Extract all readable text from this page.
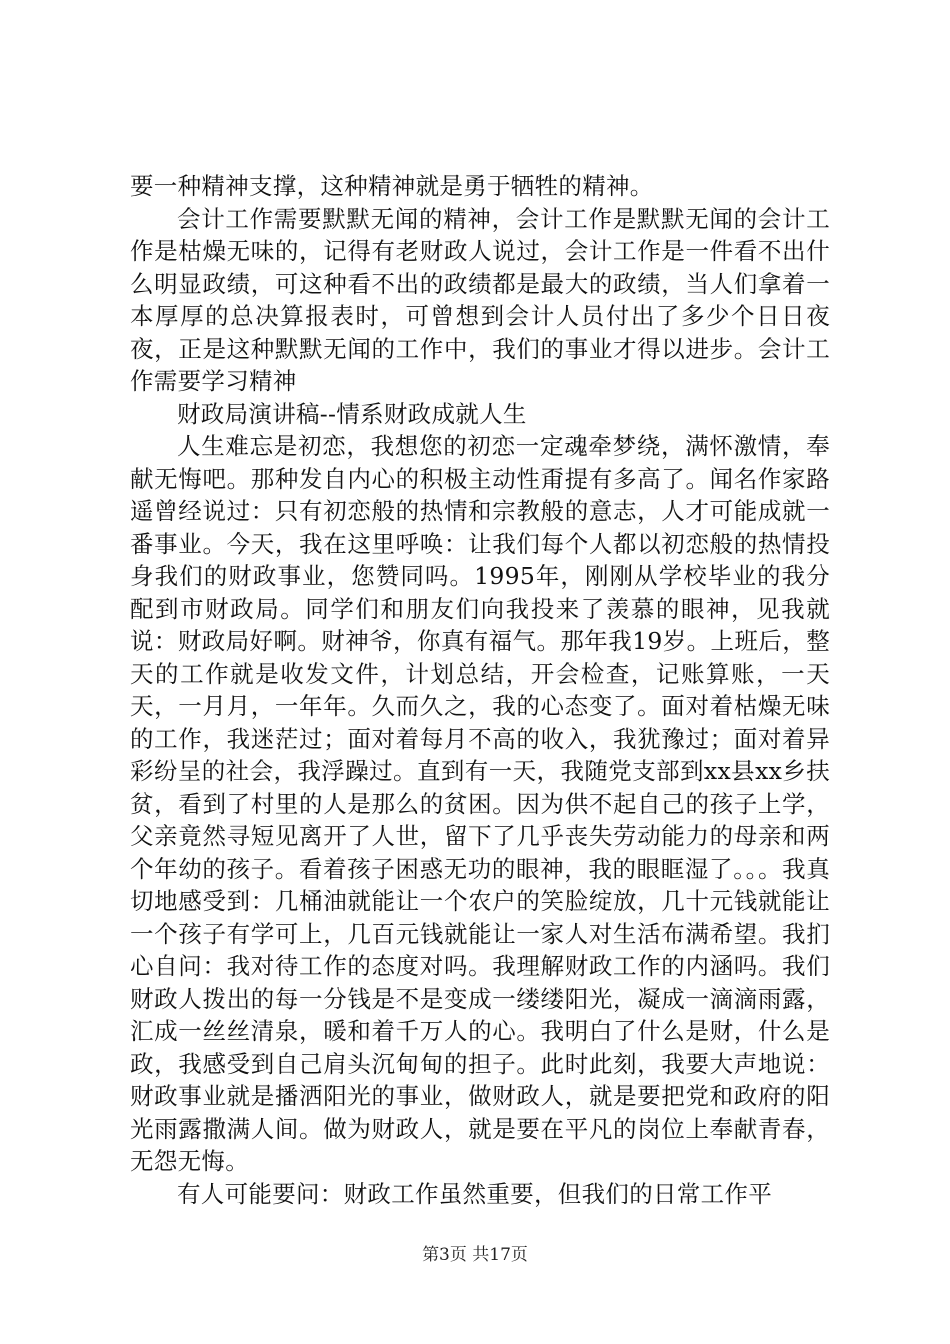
要一种精神支撑，这种精神就是勇于牺牲的精神。

会计工作需要默默无闻的精神，会计工作是默默无闻的会计工作是枯燥无味的，记得有老财政人说过，会计工作是一件看不出什么明显政绩，可这种看不出的政绩都是最大的政绩，当人们拿着一本厚厚的总决算报表时，可曾想到会计人员付出了多少个日日夜夜，正是这种默默无闻的工作中，我们的事业才得以进步。会计工作需要学习精神

财政局演讲稿--情系财政成就人生

人生难忘是初恋，我想您的初恋一定魂牵梦绕，满怀激情，奉献无悔吧。那种发自内心的积极主动性甭提有多高了。闻名作家路遥曾经说过：只有初恋般的热情和宗教般的意志，人才可能成就一番事业。今天，我在这里呼唤：让我们每个人都以初恋般的热情投身我们的财政事业，您赞同吗。1995年，刚刚从学校毕业的我分配到市财政局。同学们和朋友们向我投来了羡慕的眼神，见我就说：财政局好啊。财神爷，你真有福气。那年我19岁。上班后，整天的工作就是收发文件，计划总结，开会检查，记账算账，一天天，一月月，一年年。久而久之，我的心态变了。面对着枯燥无味的工作，我迷茫过；面对着每月不高的收入，我犹豫过；面对着异彩纷呈的社会，我浮躁过。直到有一天，我随党支部到xx县xx乡扶贫，看到了村里的人是那么的贫困。因为供不起自己的孩子上学，父亲竟然寻短见离开了人世，留下了几乎丧失劳动能力的母亲和两个年幼的孩子。看着孩子困惑无功的眼神，我的眼眶湿了。。。我真切地感受到：几桶油就能让一个农户的笑脸绽放，几十元钱就能让一个孩子有学可上，几百元钱就能让一家人对生活布满希望。我扪心自问：我对待工作的态度对吗。我理解财政工作的内涵吗。我们财政人拨出的每一分钱是不是变成一缕缕阳光，凝成一滴滴雨露，汇成一丝丝清泉，暖和着千万人的心。我明白了什么是财，什么是政，我感受到自己肩头沉甸甸的担子。此时此刻，我要大声地说：财政事业就是播洒阳光的事业，做财政人，就是要把党和政府的阳光雨露撒满人间。做为财政人，就是要在平凡的岗位上奉献青春，无怨无悔。

有人可能要问：财政工作虽然重要，但我们的日常工作平

第3页 共17页
